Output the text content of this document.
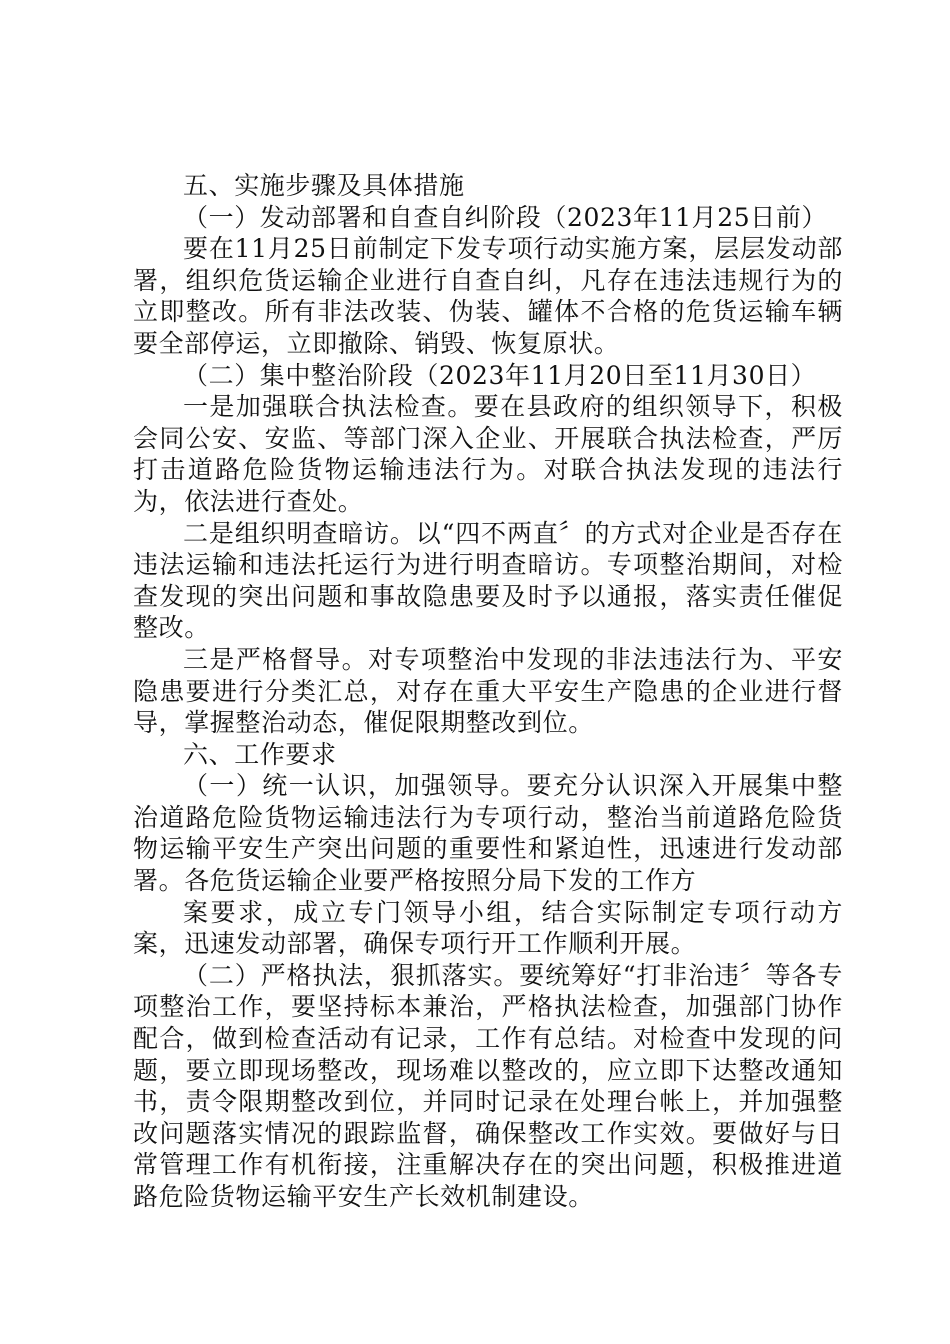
五、实施步骤及具体措施

（一）发动部署和自查自纠阶段（2023年11月25日前）

要在11月25日前制定下发专项行动实施方案，层层发动部署，组织危货运输企业进行自查自纠，凡存在违法违规行为的立即整改。所有非法改装、伪装、罐体不合格的危货运输车辆要全部停运，立即撤除、销毁、恢复原状。

（二）集中整治阶段（2023年11月20日至11月30日）

一是加强联合执法检查。要在县政府的组织领导下，积极会同公安、安监、等部门深入企业、开展联合执法检查，严厉打击道路危险货物运输违法行为。对联合执法发现的违法行为，依法进行查处。

二是组织明查暗访。以“四不两直〞的方式对企业是否存在违法运输和违法托运行为进行明查暗访。专项整治期间，对检查发现的突出问题和事故隐患要及时予以通报，落实责任催促整改。

三是严格督导。对专项整治中发现的非法违法行为、平安隐患要进行分类汇总，对存在重大平安生产隐患的企业进行督导，掌握整治动态，催促限期整改到位。

六、工作要求

（一）统一认识，加强领导。要充分认识深入开展集中整治道路危险货物运输违法行为专项行动，整治当前道路危险货物运输平安生产突出问题的重要性和紧迫性，迅速进行发动部署。各危货运输企业要严格按照分局下发的工作方

案要求，成立专门领导小组，结合实际制定专项行动方案，迅速发动部署，确保专项行开工作顺利开展。

（二）严格执法，狠抓落实。要统筹好“打非治违〞等各专项整治工作，要坚持标本兼治，严格执法检查，加强部门协作配合，做到检查活动有记录，工作有总结。对检查中发现的问题，要立即现场整改，现场难以整改的，应立即下达整改通知书，责令限期整改到位，并同时记录在处理台帐上，并加强整改问题落实情况的跟踪监督，确保整改工作实效。要做好与日常管理工作有机衔接，注重解决存在的突出问题，积极推进道路危险货物运输平安生产长效机制建设。
